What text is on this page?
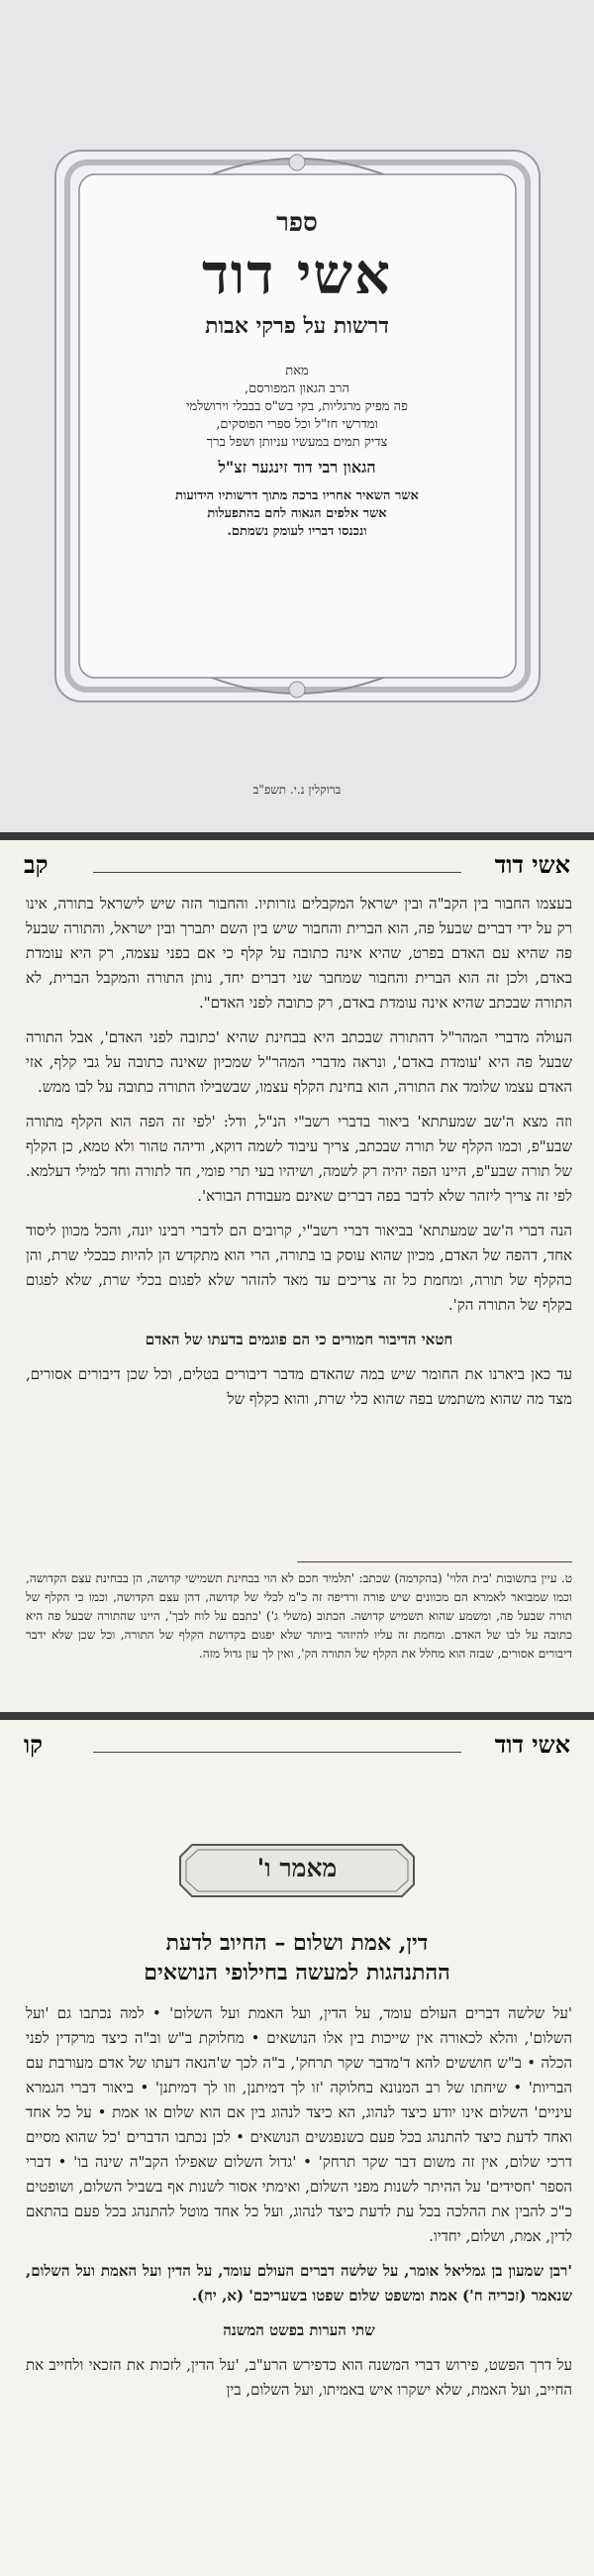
ספר

אשי דוד

דרשות על פרקי אבות

מאת

הרב הגאון המפורסם,

פה מפיק מרגליות, בקי בש"ס בבבלי וירושלמי

ומדרשי חז"ל וכל ספרי הפוסקים,

צדיק תמים במעשיו עניותן ושפל ברך

הגאון רבי דוד זינגער זצ"ל

אשר השאיר אחריו ברכה מתוך דרשותיו הידועות

אשר אלפים הגאוה לחם בהתפעלות

ונכנסו דבריו לעומק נשמתם.

ברוקלין נ.י. תשפ"ב
אשי דוד
קב

בעצמו החבור בין הקב"ה ובין ישראל המקבלים גזרותיו. והחבור הזה שיש לישראל בתורה, אינו רק על ידי דברים שבעל פה, הוא הברית והחבור שיש בין השם יתברך ובין ישראל, והתורה שבעל פה שהיא עם האדם בפרט, שהיא אינה כתובה על קלף כי אם בפני עצמה, רק היא עומדת באדם, ולכן זה הוא הברית והחבור שמחבר שני דברים יחד, נותן התורה והמקבל הברית, לא התורה שבכתב שהיא אינה עומדת באדם, רק כתובה לפני האדם".

העולה מדברי המהר"ל דהתורה שבכתב היא בבחינת שהיא 'כתובה לפני האדם', אבל התורה שבעל פה היא 'עומדת באדם', ונראה מדברי המהר"ל שמכיון שאינה כתובה על גבי קלף, אזי האדם עצמו שלומד את התורה, הוא בחינת הקלף עצמו, שבשבילו התורה כתובה על לבו ממש.

וזה מצא ה'שב שמעתתא' ביאור בדברי רשב"י הנ"ל, ודל: 'לפי זה הפה הוא הקלף מתורה שבע"פ, וכמו הקלף של תורה שבכתב, צריך עיבוד לשמה דוקא, ודיהה טהור ולא טמא, כן הקלף של תורה שבע"פ, היינו הפה יהיה רק לשמה, ושיהיו בעי תרי פומי, חד לתורה וחד למילי דעלמא. לפי זה צריך ליזהר שלא לדבר בפה דברים שאינם מעבודת הבורא'.

הנה דברי ה'שב שמעתתא' בביאור דברי רשב"י, קרובים הם לדברי רבינו יונה, והכל מכוון ליסוד אחד, דהפה של האדם, מכיון שהוא עוסק בו בתורה, הרי הוא מתקדש הן להיות כבכלי שרת, והן כהקלף של תורה, ומחמת כל זה צריכים עד מאד להזהר שלא לפגום בכלי שרת, שלא לפגום בקלף של התורה הק'.

חטאי הדיבור חמורים כי הם פוגמים בדעתו של האדם

עד כאן ביארנו את החומר שיש במה שהאדם מדבר דיבורים בטלים, וכל שכן דיבורים אסורים, מצד מה שהוא משתמש בפה שהוא כלי שרת, והוא כקלף של

ט. עיין בתשובות 'בית הלוי' (בהקדמה) שכתב: 'תלמיד חכם לא הוי בבחינת תשמישי קדושה, הן בבחינת עצם הקדושה, וכמו שמבואר לאמרא הם מכוונים שיש פורה ורדיפה זה כ"מ לכלי של קדושה, דהן עצם הקדושה, וכמו כי הקלף של תורה שבעל פה, ומשמע שהוא תשמיש קדושה. הכתוב (משלי ג') 'כתבם על לוח לבך', היינו שהתורה שבעל פה היא כתובה על לבו של האדם. ומחמת זה עליו להיזהר ביותר שלא יפגום בקדושת הקלף של התורה, וכל שכן שלא ידבר דיבורים אסורים, שבזה הוא מחלל את הקלף של התורה הק', ואין לך עון גדול מזה.
אשי דוד
קו
מאמר ו'
דין, אמת ושלום – החיוב לדעת
ההתנהגות למעשה בחילופי הנושאים

'על שלשה דברים העולם עומד, על הדין, ועל האמת ועל השלום' • למה נכתבו גם 'ועל השלום', והלא לכאורה אין שייכות בין אלו הנושאים • מחלוקת ב"ש וב"ה כיצד מרקדין לפני הכלה • ב"ש חוששים להא ד'מדבר שקר תרחק', ב"ה לכך ש'הנאה דעתו של אדם מעורבת עם הבריות' • שיחתו של רב המנונא בחלוקה 'זו לך דמיתנן, וזו לך דמיתנן' • ביאור דברי הגמרא עיניים' השלום אינו יודע כיצד לנהוג, הא כיצד לנהוג בין אם הוא שלום או אמת • על כל אחד ואחד לדעת כיצד להתנהג בכל פעם כשנפגשים הנושאים • לכן נכתבו הדברים 'כל שהוא מסיים דרכי שלום, אין זה משום דבר שקר תרחק' • 'גדול השלום שאפילו הקב"ה שינה בו' • דברי הספר 'חסידים' על ההיתר לשנות מפני השלום, ואימתי אסור לשנות אף בשביל השלום, ושופטים כ"כ להבין את ההלכה בכל עת לדעת כיצד לנהוג, ועל כל אחד מוטל להתנהג בכל פעם בהתאם לדין, אמת, ושלום, יחדיו.

'רבן שמעון בן גמליאל אומר, על שלשה דברים העולם עומד, על הדין ועל האמת ועל השלום, שנאמר (זכריה ח') אמת ומשפט שלום שפטו בשעריכם' (א, יח).

שתי הערות בפשט המשנה

על דרך הפשט, פירוש דברי המשנה הוא כדפירש הרע"ב, 'על הדין, לזכות את הזכאי ולחייב את החייב, ועל האמת, שלא ישקרו איש באמיתו, ועל השלום, בין
